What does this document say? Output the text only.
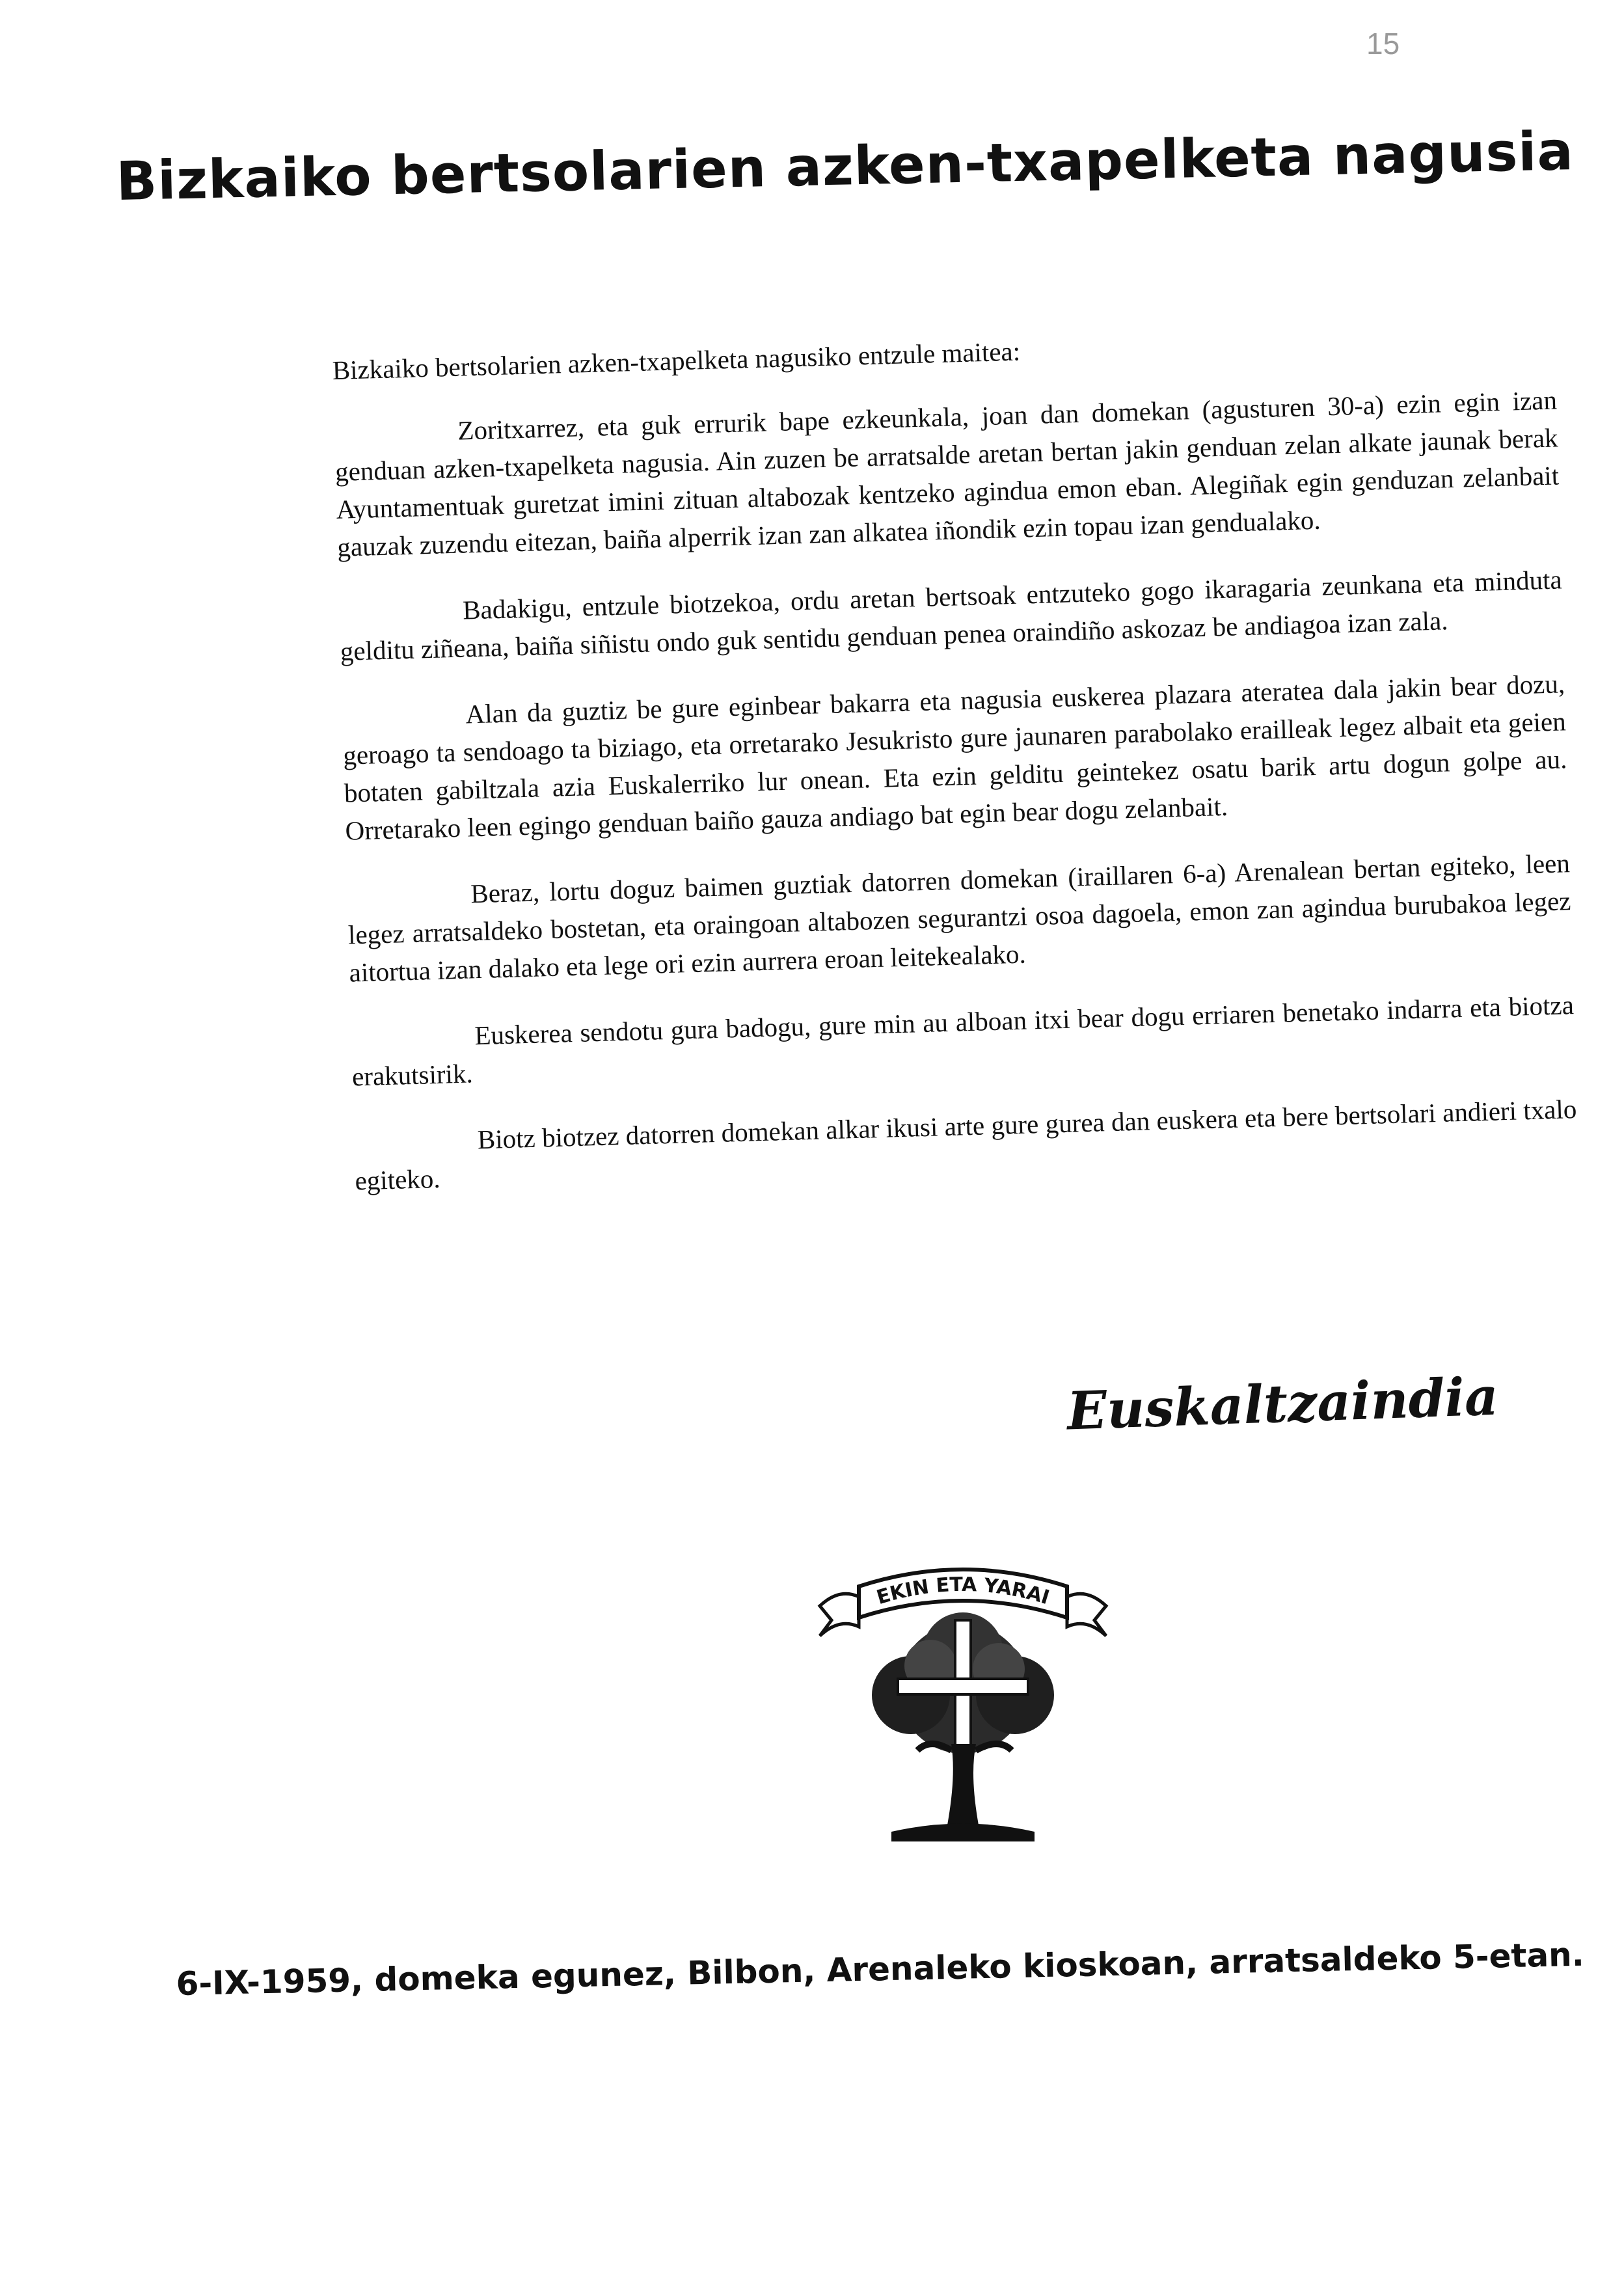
15
Bizkaiko bertsolarien azken-txapelketa nagusia

Bizkaiko bertsolarien azken-txapelketa nagusiko entzule maitea:

Zoritxarrez, eta guk errurik bape ezkeunkala, joan dan domekan (agusturen 30-a) ezin egin izan genduan azken-txapelketa nagusia. Ain zuzen be arratsalde aretan bertan jakin genduan zelan alkate jaunak berak Ayuntamentuak guretzat imini zituan altabozak kentzeko agindua emon eban. Alegiñak egin genduzan zelanbait gauzak zuzendu eitezan, baiña alperrik izan zan alkatea iñondik ezin topau izan gendualako.

Badakigu, entzule biotzekoa, ordu aretan bertsoak entzuteko gogo ikaragaria zeunkana eta minduta gelditu ziñeana, baiña siñistu ondo guk sentidu genduan penea oraindiño askozaz be andiagoa izan zala.

Alan da guztiz be gure eginbear bakarra eta nagusia euskerea plazara ateratea dala jakin bear dozu, geroago ta sendoago ta biziago, eta orretarako Jesukristo gure jaunaren parabolako erailleak legez albait eta geien botaten gabiltzala azia Euskalerriko lur onean. Eta ezin gelditu geintekez osatu barik artu dogun golpe au. Orretarako leen egingo genduan baiño gauza andiago bat egin bear dogu zelanbait.

Beraz, lortu doguz baimen guztiak datorren domekan (iraillaren 6-a) Arenalean bertan egiteko, leen legez arratsaldeko bostetan, eta oraingoan altabozen segurantzi osoa dagoela, emon zan agindua burubakoa legez aitortua izan dalako eta lege ori ezin aurrera eroan leitekealako.

Euskerea sendotu gura badogu, gure min au alboan itxi bear dogu erriaren benetako indarra eta biotza erakutsirik.

Biotz biotzez datorren domekan alkar ikusi arte gure gurea dan euskera eta bere bertsolari andieri txalo egiteko.

Euskaltzaindia
EKIN ETA YARAI
6-IX-1959, domeka egunez, Bilbon, Arenaleko kioskoan, arratsaldeko 5-etan.
